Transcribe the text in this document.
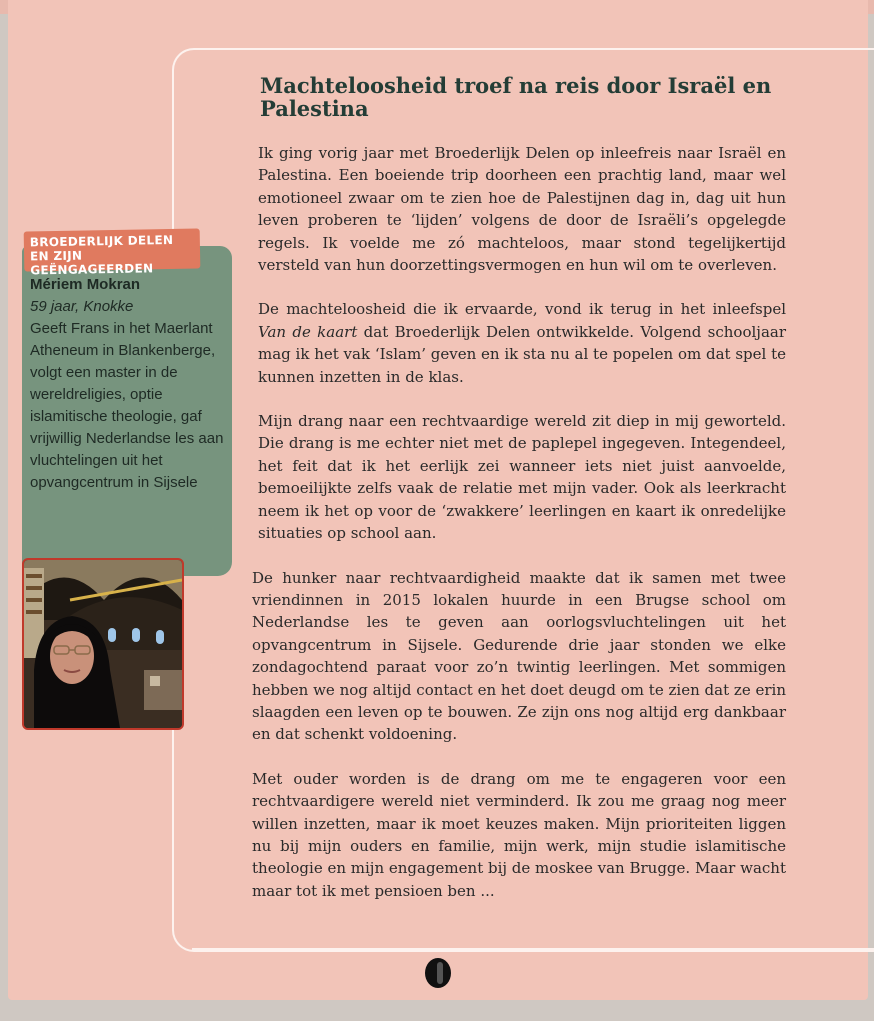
Machteloosheid troef na reis door Israël en Palestina

Ik ging vorig jaar met Broederlijk Delen op inleefreis naar Israël en Palestina. Een boeiende trip doorheen een prachtig land, maar wel emotioneel zwaar om te zien hoe de Palestijnen dag in, dag uit hun leven proberen te ‘lijden’ volgens de door de Israëli’s opgelegde regels. Ik voelde me zó machteloos, maar stond tegelijkertijd versteld van hun doorzettingsvermogen en hun wil om te overleven.

De machteloosheid die ik ervaarde, vond ik terug in het inleefspel Van de kaart dat Broederlijk Delen ontwikkelde. Volgend schooljaar mag ik het vak ‘Islam’ geven en ik sta nu al te popelen om dat spel te kunnen inzetten in de klas.

Mijn drang naar een rechtvaardige wereld zit diep in mij geworteld. Die drang is me echter niet met de paplepel ingegeven. Integendeel, het feit dat ik het eerlijk zei wanneer iets niet juist aanvoelde, bemoeilijkte zelfs vaak de relatie met mijn vader. Ook als leerkracht neem ik het op voor de ‘zwakkere’ leerlingen en kaart ik onredelijke situaties op school aan.

De hunker naar rechtvaardigheid maakte dat ik samen met twee vriendinnen in 2015 lokalen huurde in een Brugse school om Nederlandse les te geven aan oorlogsvluchtelingen uit het opvangcentrum in Sijsele. Gedurende drie jaar stonden we elke zondagochtend paraat voor zo’n twintig leerlingen. Met sommigen hebben we nog altijd contact en het doet deugd om te zien dat ze erin slaagden een leven op te bouwen. Ze zijn ons nog altijd erg dankbaar en dat schenkt voldoening.

Met ouder worden is de drang om me te engageren voor een rechtvaardigere wereld niet verminderd. Ik zou me graag nog meer willen inzetten, maar ik moet keuzes maken. Mijn prioriteiten liggen nu bij mijn ouders en familie, mijn werk, mijn studie islamitische theologie en mijn engagement bij de moskee van Brugge. Maar wacht maar tot ik met pensioen ben ...

BROEDERLIJK DELEN
EN ZIJN GEËNGAGEERDEN
Mériem Mokran
59 jaar, Knokke
Geeft Frans in het Maerlant Atheneum in Blankenberge, volgt een master in de wereldreligies, optie islamitische theologie, gaf vrijwillig Nederlandse les aan vluchtelingen uit het opvangcentrum in Sijsele
